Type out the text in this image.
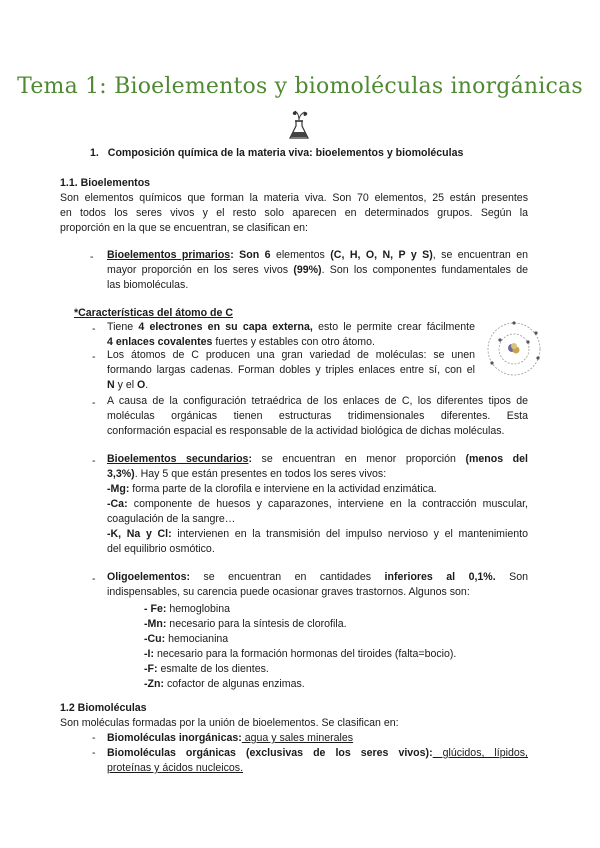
Tema 1: Bioelementos y biomoléculas inorgánicas
1. Composición química de la materia viva: bioelementos y biomoléculas
1.1. Bioelementos
Son elementos químicos que forman la materia viva. Son 70 elementos, 25 están presentes
en todos los seres vivos y el resto solo aparecen en determinados grupos. Según la
proporción en la que se encuentran, se clasifican en:
- Bioelementos primarios: Son 6 elementos (C, H, O, N, P y S), se encuentran en
mayor proporción en los seres vivos (99%). Son los componentes fundamentales de
las biomoléculas.
*Características del átomo de C
- Tiene 4 electrones en su capa externa, esto le permite crear fácilmente
4 enlaces covalentes fuertes y estables con otro átomo.
- Los átomos de C producen una gran variedad de moléculas: se unen
formando largas cadenas. Forman dobles y triples enlaces entre sí, con el
N y el O.
- A causa de la configuración tetraédrica de los enlaces de C, los diferentes tipos de
moléculas orgánicas tienen estructuras tridimensionales diferentes. Esta
conformación espacial es responsable de la actividad biológica de dichas moléculas.
- Bioelementos secundarios: se encuentran en menor proporción (menos del
3,3%). Hay 5 que están presentes en todos los seres vivos:
-Mg: forma parte de la clorofila e interviene en la actividad enzimática.
-Ca: componente de huesos y caparazones, interviene en la contracción muscular,
coagulación de la sangre…
-K, Na y Cl: intervienen en la transmisión del impulso nervioso y el mantenimiento
del equilibrio osmótico.
- Oligoelementos: se encuentran en cantidades inferiores al 0,1%. Son
indispensables, su carencia puede ocasionar graves trastornos. Algunos son:
- Fe: hemoglobina
-Mn: necesario para la síntesis de clorofila.
-Cu: hemocianina
-I: necesario para la formación hormonas del tiroides (falta=bocio).
-F: esmalte de los dientes.
-Zn: cofactor de algunas enzimas.
1.2 Biomoléculas
Son moléculas formadas por la unión de bioelementos. Se clasifican en:
- Biomoléculas inorgánicas: agua y sales minerales
- Biomoléculas orgánicas (exclusivas de los seres vivos): glúcidos, lípidos,
proteínas y ácidos nucleicos.
